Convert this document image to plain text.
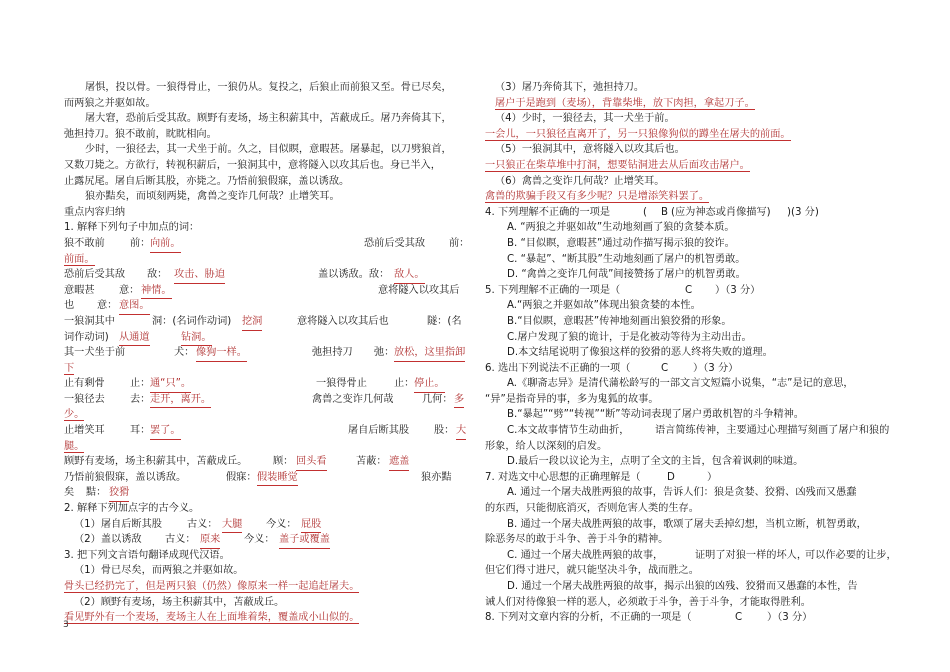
屠惧，投以骨。一狼得骨止，一狼仍从。复投之，后狼止而前狼又至。骨已尽矣，
而两狼之并驱如故。
屠大窘，恐前后受其敌。顾野有麦场，场主积薪其中，苫蔽成丘。屠乃奔倚其下，
弛担持刀。狼不敢前，眈眈相向。
少时，一狼径去，其一犬坐于前。久之，目似瞑，意暇甚。屠暴起，以刀劈狼首，
又数刀毙之。方欲行，转视积薪后，一狼洞其中，意将隧入以攻其后也。身已半入，
止露尻尾。屠自后断其股，亦毙之。乃悟前狼假寐，盖以诱敌。
狼亦黠矣，而顷刻两毙，禽兽之变诈几何哉？止增笑耳。
重点内容归纳
1. 解释下列句子中加点的词：
狼不敢前 前： 向前。	恐前后受其敌 前：
前面。
恐前后受其敌 敌： 攻击、胁迫	盖以诱敌。敌： 敌人。
意暇甚 意： 神情。	意将隧入以攻其后
也 意： 意图。
一狼洞其中	洞：(名词作动词) 挖洞	意将隧入以攻其后也	隧：(名
词作动词) 从通道	钻洞。
其一犬坐于前	犬： 像狗一样。	弛担持刀 弛： 放松，这里指卸
下
止有剩骨 止： 通“只”。	一狼得骨止	止： 停止。
一狼径去 去： 走开，离开。	禽兽之变诈几何哉	几何： 多
少。
止增笑耳 耳： 罢了。	屠自后断其股 股： 大
腿。
顾野有麦场，场主积薪其中，苫蔽成丘。	顾： 回头看	苫蔽： 遮盖
乃悟前狼假寐，盖以诱敌。	假寐： 假装睡觉	狼亦黠
矣 黠： 狡猾
2. 解释下列加点字的古今义。
（1）屠自后断其股 古义： 大腿 今义： 屁股
（2）盖以诱敌 古义： 原来 今义： 盖子或覆盖
3. 把下列文言语句翻译成现代汉语。
（1）骨已尽矣，而两狼之并驱如故。
骨头已经扔完了，但是两只狼（仍然）像原来一样一起追赶屠夫。
（2）顾野有麦场，场主积薪其中，苫蔽成丘。
看见野外有一个麦场，麦场主人在上面堆着柴，覆盖成小山似的。
（3）屠乃奔倚其下，弛担持刀。
屠户于是跑到（麦场），背靠柴堆，放下肉担，拿起刀子。
（4）少时，一狼径去，其一犬坐于前。
一会儿，一只狼径直离开了，另一只狼像狗似的蹲坐在屠夫的前面。
（5）一狼洞其中，意将隧入以攻其后也。
一只狼正在柴草堆中打洞，想要钻洞进去从后面攻击屠户。
（6）禽兽之变诈几何哉？止增笑耳。
禽兽的欺骗手段又有多少呢？只是增添笑料罢了。
4. 下列理解不正确的一项是	( B (应为神态或肖像描写) )(3 分)
A. “两狼之并驱如故”生动地刻画了狼的贪婪本质。
B. “目似瞑，意暇甚”通过动作描写揭示狼的狡诈。
C. “暴起”、“断其股”生动地刻画了屠户的机智勇敢。
D. “禽兽之变诈几何哉”间接赞扬了屠户的机智勇敢。
5. 下列理解不正确的一项是（	C ）（3 分）
A.“两狼之并驱如故”体现出狼贪婪的本性。
B.“目似瞑，意暇甚”传神地刻画出狼狡猾的形象。
C.屠户发现了狼的诡计，于是化被动等待为主动出击。
D.本文结尾说明了像狼这样的狡猾的恶人终将失败的道理。
6. 选出下列说法不正确的一项（	C ）（3 分）
A.《聊斋志异》是清代蒲松龄写的一部文言文短篇小说集，“志”是记的意思，
“异”是指奇异的事，多为鬼狐的故事。
B.“暴起”“劈”“转视”“断”等动词表现了屠户勇敢机智的斗争精神。
C.本文故事情节生动曲折，	语言简练传神，主要通过心理描写刻画了屠户和狼的
形象，给人以深刻的启发。
D.最后一段以议论为主，点明了全文的主旨，包含着讽刺的味道。
7. 对选文中心思想的正确理解是（	D	）
A. 通过一个屠夫战胜两狼的故事，告诉人们：狼是贪婪、狡猾、凶残而又愚蠢
的东西，只能彻底消灭，否则危害人类的生存。
B. 通过一个屠夫战胜两狼的故事，歌颂了屠夫丢掉幻想，当机立断，机智勇敢，
除恶务尽的敢于斗争、善于斗争的精神。
C. 通过一个屠夫战胜两狼的故事，	证明了对狼一样的坏人，
可以作必要的让步，
但它们得寸进尺，就只能坚决斗争，战而胜之。
D. 通过一个屠夫战胜两狼的故事，揭示出狼的凶残、狡猾而又愚蠢的本性，告
诫人们对待像狼一样的恶人，必须敢于斗争，善于斗争，才能取得胜利。
8. 下列对文章内容的分析，不正确的一项是（	C ）（3 分）
3
